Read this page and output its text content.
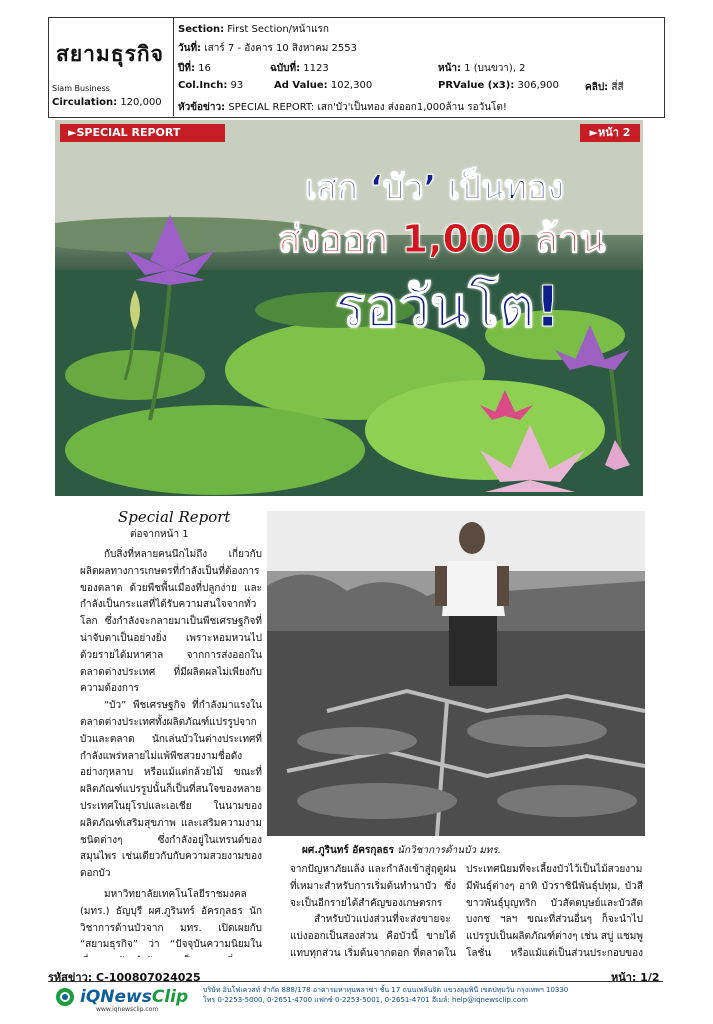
สยามธุรกิจ
Siam Business
Circulation: 120,000
Section: First Section/หน้าแรก
วันที่: เสาร์ 7 - อังคาร 10 สิงหาคม 2553
ปีที่: 16	ฉบับที่: 1123	หน้า: 1 (บนขวา), 2
Col.Inch: 93	Ad Value: 102,300	PRValue (x3): 306,900	คลิป: สี่สี
หัวข้อข่าว: SPECIAL REPORT: เสก'บัว'เป็นทอง ส่งออก1,000ล้าน รอวันโต!
►SPECIAL REPORT	►หน้า 2
เสก ‘บัว’ เป็นทอง
ส่งออก 1,000 ล้าน
รอวันโต!
Special Report
ต่อจากหน้า 1

กับสิ่งที่หลายคนนึกไม่ถึง เกี่ยวกับผลิตผลทางการเกษตรที่กำลังเป็นที่ต้องการของตลาด ด้วยพืชพื้นเมืองที่ปลูกง่าย และกำลังเป็นกระแสที่ได้รับความสนใจจากทั่วโลก ซึ่งกำลังจะกลายมาเป็นพืชเศรษฐกิจที่น่าจับตาเป็นอย่างยิ่ง เพราะหอมหวนไปด้วยรายได้มหาศาล จากการส่งออกในตลาดต่างประเทศ ที่มีผลิตผลไม่เพียงกับความต้องการ

“บัว” พืชเศรษฐกิจ ที่กำลังมาแรงในตลาดต่างประเทศทั้งผลิตภัณฑ์แปรรูปจากบัวและตลาด นักเล่นบัวในต่างประเทศที่กำลังแพร่หลายไม่แพ้พืชสวยงามชื่อดัง อย่างกุหลาบ หรือแม้แต่กล้วยไม้ ขณะที่ผลิตภัณฑ์แปรรูปนั้นก็เป็นที่สนใจของหลายประเทศในยุโรปและเอเชีย ในนามของผลิตภัณฑ์เสริมสุขภาพ และเสริมความงามชนิดต่างๆ ซึ่งกำลังอยู่ในเทรนด์ของสมุนไพร เช่นเดียวกับกับความสวยงามของดอกบัว

มหาวิทยาลัยเทคโนโลยีราชมงคล (มทร.) ธัญบุรี ผศ.ภูรินทร์ อัครกุลธร นักวิชาการด้านบัวจาก มทร. เปิดเผยกับ “สยามธุรกิจ” ว่า “ปัจจุบันความนิยมใน

ผศ.ภูรินทร์ อัครกุลธร นักวิชาการด้านบัว มทร.

จากปัญหาภัยแล้ง และกำลังเข้าสู่ฤดูฝน ที่เหมาะสำหรับการเริ่มต้นทำนาบัว ซึ่งจะเป็นอีกรายได้สำคัญของเกษตรกร

สำหรับบัวแบ่งส่วนที่จะส่งขายจะแบ่งออกเป็นสองส่วน คือบัวนี้ ขายได้แทบทุกส่วน เริ่มต้นจากดอก ที่ตลาดใน

ประเทศนิยมที่จะเลี้ยงบัวไว้เป็นไม้สวยงาม มีพันธุ์ต่างๆ อาทิ บัวราชินีพันธุ์ปทุม, บัวสีขาวพันธุ์บุญทริก บัวสัตตบุษย์และบัวสัตบงกช ฯลฯ ขณะที่ส่วนอื่นๆ ก็จะนำไปแปรรูปเป็นผลิตภัณฑ์ต่างๆ เช่น สบู่ แชมพู โลชั่น หรือแม้แต่เป็นส่วนประกอบของ

รหัสข่าว: C-100807024025	หน้า: 1/2
iQNewsClip
www.iqnewsclip.com
บริษัท อินโฟเควสท์ จำกัด 888/178 อาคารมหาทุนพลาซ่า ชั้น 17 ถนนเพลินจิต แขวงลุมพินี เขตปทุมวัน กรุงเทพฯ 10330
โทร 0-2253-5000, 0-2651-4700 แฟกซ์ 0-2253-5001, 0-2651-4701 อีเมล์: help@iqnewsclip.com
